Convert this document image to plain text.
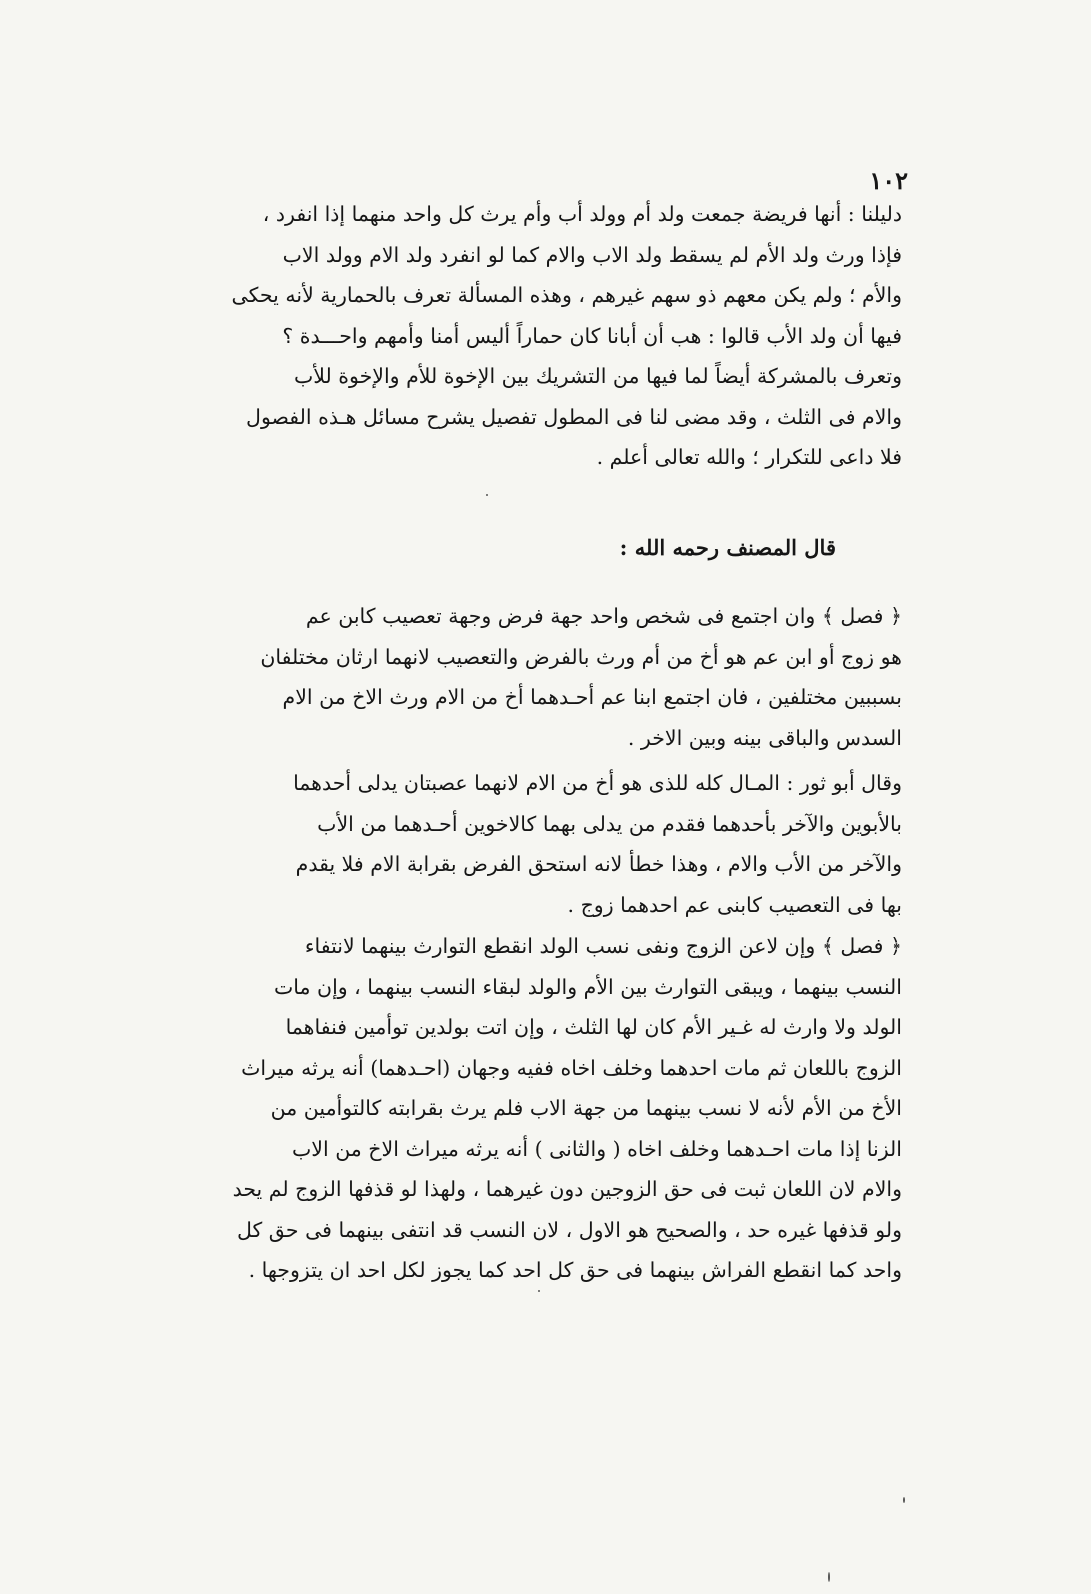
١٠٢
دليلنا : أنها فريضة جمعت ولد أم وولد أب وأم يرث كل واحد منهما إذا انفرد ،
فإذا ورث ولد الأم لم يسقط ولد الاب والام كما لو انفرد ولد الام وولد الاب
والأم ؛ ولم يكن معهم ذو سهم غيرهم ، وهذه المسألة تعرف بالحمارية لأنه يحكى
فيها أن ولد الأب قالوا : هب أن أبانا كان حماراً أليس أمنا وأمهم واحـــدة ؟
وتعرف بالمشركة أيضاً لما فيها من التشريك بين الإخوة للأم والإخوة للأب
والام فى الثلث ، وقد مضى لنا فى المطول تفصيل يشرح مسائل هـذه الفصول
فلا داعى للتكرار ؛ والله تعالى أعلم .
قال المصنف رحمه الله :
﴿ فصل ﴾ وان اجتمع فى شخص واحد جهة فرض وجهة تعصيب كابن عم
هو زوج أو ابن عم هو أخ من أم ورث بالفرض والتعصيب لانهما ارثان مختلفان
بسببين مختلفين ، فان اجتمع ابنا عم أحـدهما أخ من الام ورث الاخ من الام
السدس والباقى بينه وبين الاخر .
وقال أبو ثور : المـال كله للذى هو أخ من الام لانهما عصبتان يدلى أحدهما
بالأبوين والآخر بأحدهما فقدم من يدلى بهما كالاخوين أحـدهما من الأب
والآخر من الأب والام ، وهذا خطأ لانه استحق الفرض بقرابة الام فلا يقدم
بها فى التعصيب كابنى عم احدهما زوج .
﴿ فصل ﴾ وإن لاعن الزوج ونفى نسب الولد انقطع التوارث بينهما لانتفاء
النسب بينهما ، ويبقى التوارث بين الأم والولد لبقاء النسب بينهما ، وإن مات
الولد ولا وارث له غـير الأم كان لها الثلث ، وإن اتت بولدين توأمين فنفاهما
الزوج باللعان ثم مات احدهما وخلف اخاه ففيه وجهان (احـدهما) أنه يرثه ميراث
الأخ من الأم لأنه لا نسب بينهما من جهة الاب فلم يرث بقرابته كالتوأمين من
الزنا إذا مات احـدهما وخلف اخاه ( والثانى ) أنه يرثه ميراث الاخ من الاب
والام لان اللعان ثبت فى حق الزوجين دون غيرهما ، ولهذا لو قذفها الزوج لم يحد
ولو قذفها غيره حد ، والصحيح هو الاول ، لان النسب قد انتفى بينهما فى حق كل
واحد كما انقطع الفراش بينهما فى حق كل احد كما يجوز لكل احد ان يتزوجها .
